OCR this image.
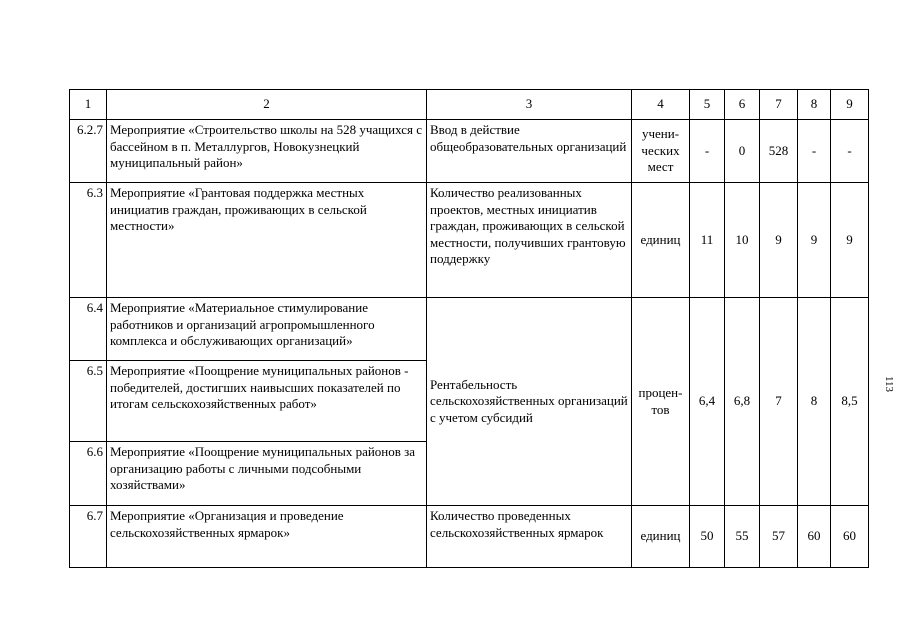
1	2	3	4	5	6	7	8	9
6.2.7	Мероприятие «Строительство школы на 528 учащихся с бассейном в п. Металлургов, Новокузнецкий муниципальный район»	Ввод в действие общеобразовательных организаций	учени-ческих мест	-	0	528	-	-
6.3	Мероприятие «Грантовая поддержка местных инициатив граждан, проживающих в сельской местности»	Количество реализованных проектов, местных инициатив граждан, проживающих в сельской местности, получивших грантовую поддержку	единиц	11	10	9	9	9
6.4	Мероприятие «Материальное стимулирование работников и организаций агропромышленного комплекса и обслуживающих организаций»	Рентабельность сельскохозяйственных организаций с учетом субсидий	процен-тов	6,4	6,8	7	8	8,5
6.5	Мероприятие «Поощрение муниципальных районов - победителей, достигших наивысших показателей по итогам сельскохозяйственных работ»							
6.6	Мероприятие «Поощрение муниципальных районов за организацию работы с личными подсобными хозяйствами»							
6.7	Мероприятие «Организация и проведение сельскохозяйственных ярмарок»	Количество проведенных сельскохозяйственных ярмарок	единиц	50	55	57	60	60
113
